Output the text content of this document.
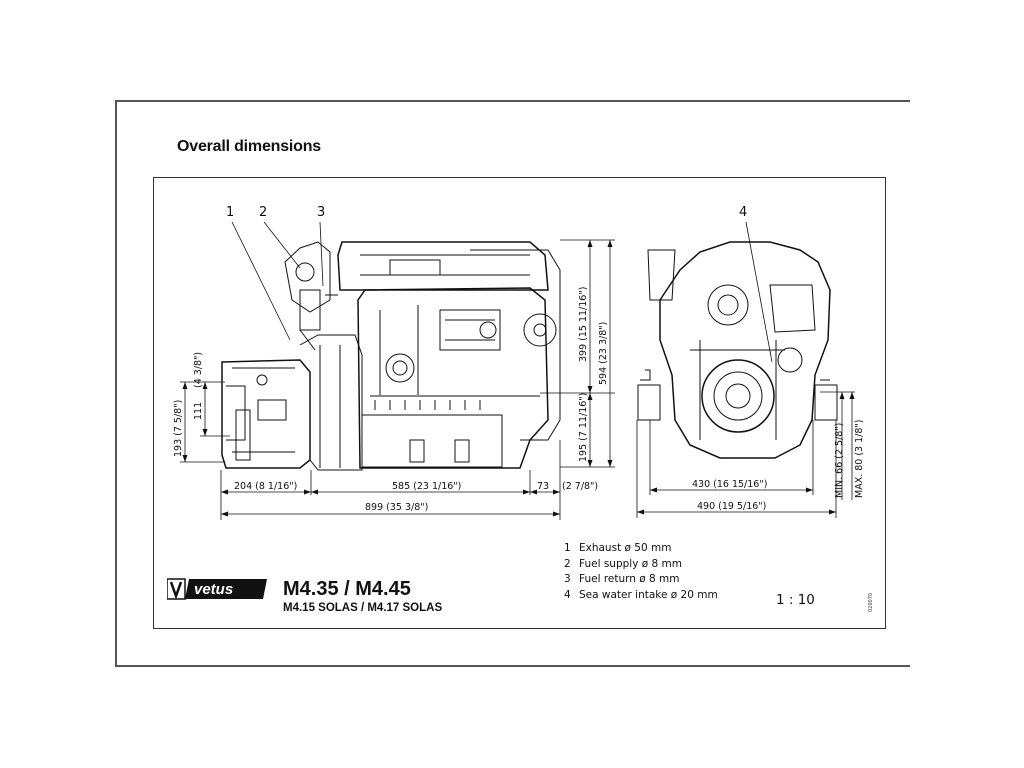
Overall dimensions
1 2	3	4
204 (8 1/16")	585 (23 1/16")	73 (2 7/8")
899 (35 3/8")
430 (16 15/16")
490 (19 5/16")
399 (15 11/16") 594 (23 3/8")
195 (7 11/16")
193 (7 5/8") 111
(4 3/8")
MIN. 66 (2 5/8") MAX. 80 (3 1/8")
vetus M4.35 / M4.45
M4.15 SOLAS / M4.17 SOLAS
1 Exhaust ø 50 mm
2 Fuel supply ø 8 mm
3 Fuel return ø 8 mm
4 Sea water intake ø 20 mm	1 : 10	020070
